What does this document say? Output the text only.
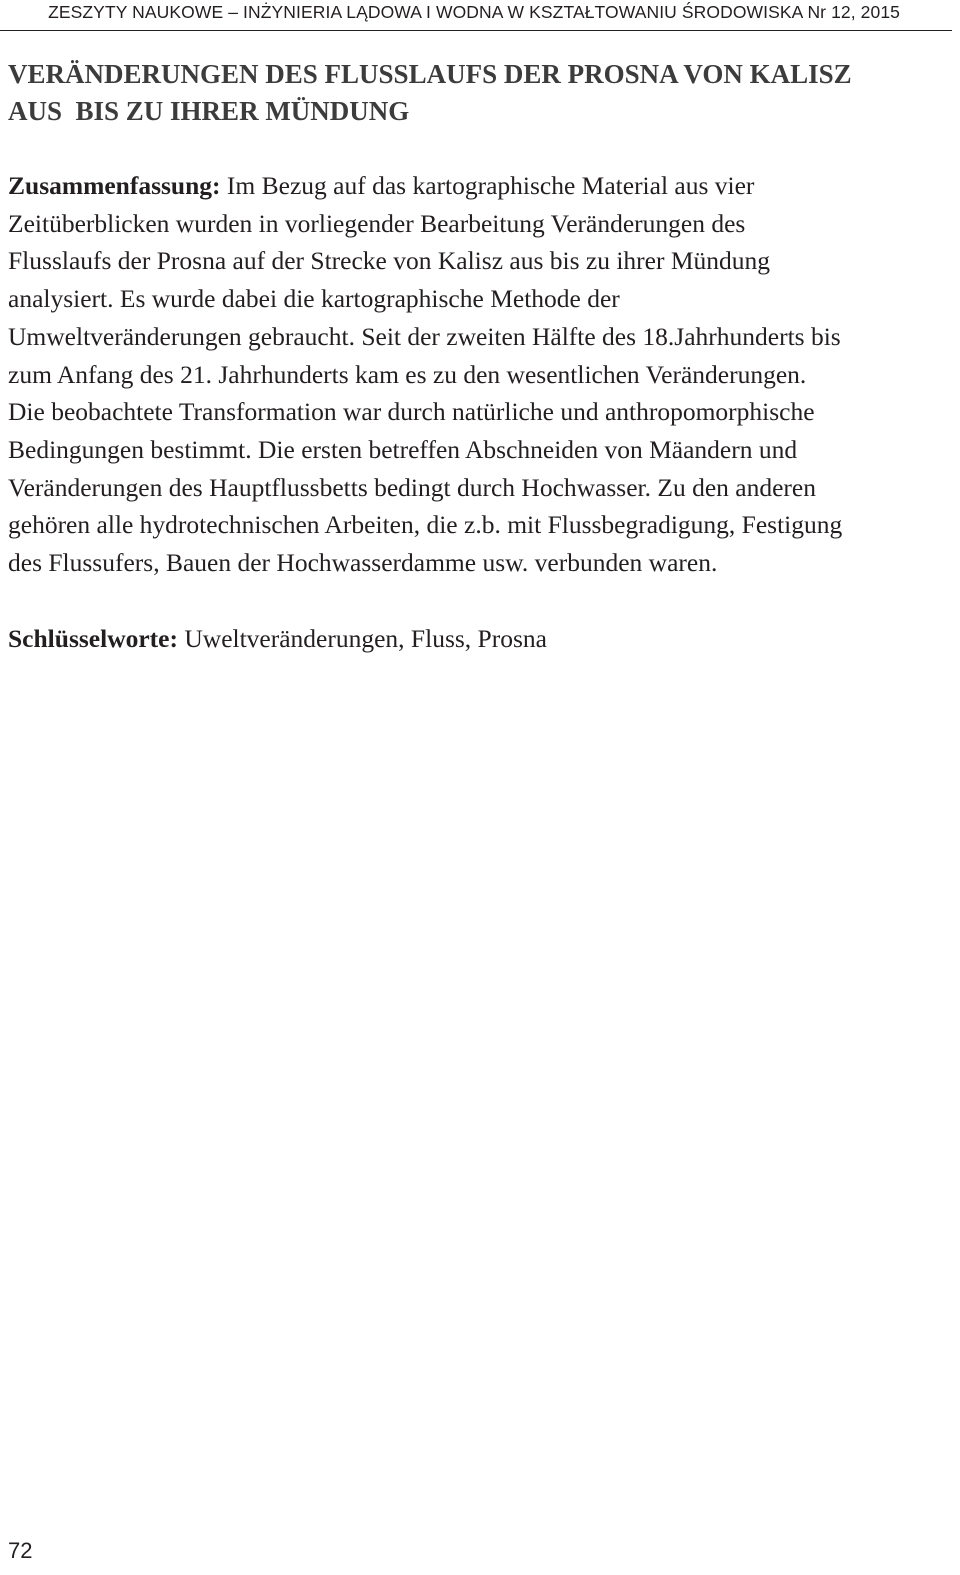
ZESZYTY NAUKOWE – INŻYNIERIA LĄDOWA I WODNA W KSZTAŁTOWANIU ŚRODOWISKA Nr 12, 2015
VERÄNDERUNGEN DES FLUSSLAUFS DER PROSNA VON KALISZ
AUS  BIS ZU IHRER MÜNDUNG
Zusammenfassung: Im Bezug auf das kartographische Material aus vier
Zeitüberblicken wurden in vorliegender Bearbeitung Veränderungen des
Flusslaufs der Prosna auf der Strecke von Kalisz aus bis zu ihrer Mündung
analysiert. Es wurde dabei die kartographische Methode der
Umweltveränderungen gebraucht. Seit der zweiten Hälfte des 18.Jahrhunderts bis
zum Anfang des 21. Jahrhunderts kam es zu den wesentlichen Veränderungen.
Die beobachtete Transformation war durch natürliche und anthropomorphische
Bedingungen bestimmt. Die ersten betreffen Abschneiden von Mäandern und
Veränderungen des Hauptflussbetts bedingt durch Hochwasser. Zu den anderen
gehören alle hydrotechnischen Arbeiten, die z.b. mit Flussbegradigung, Festigung
des Flussufers, Bauen der Hochwasserdamme usw. verbunden waren.
Schlüsselworte: Uweltveränderungen, Fluss, Prosna
72
